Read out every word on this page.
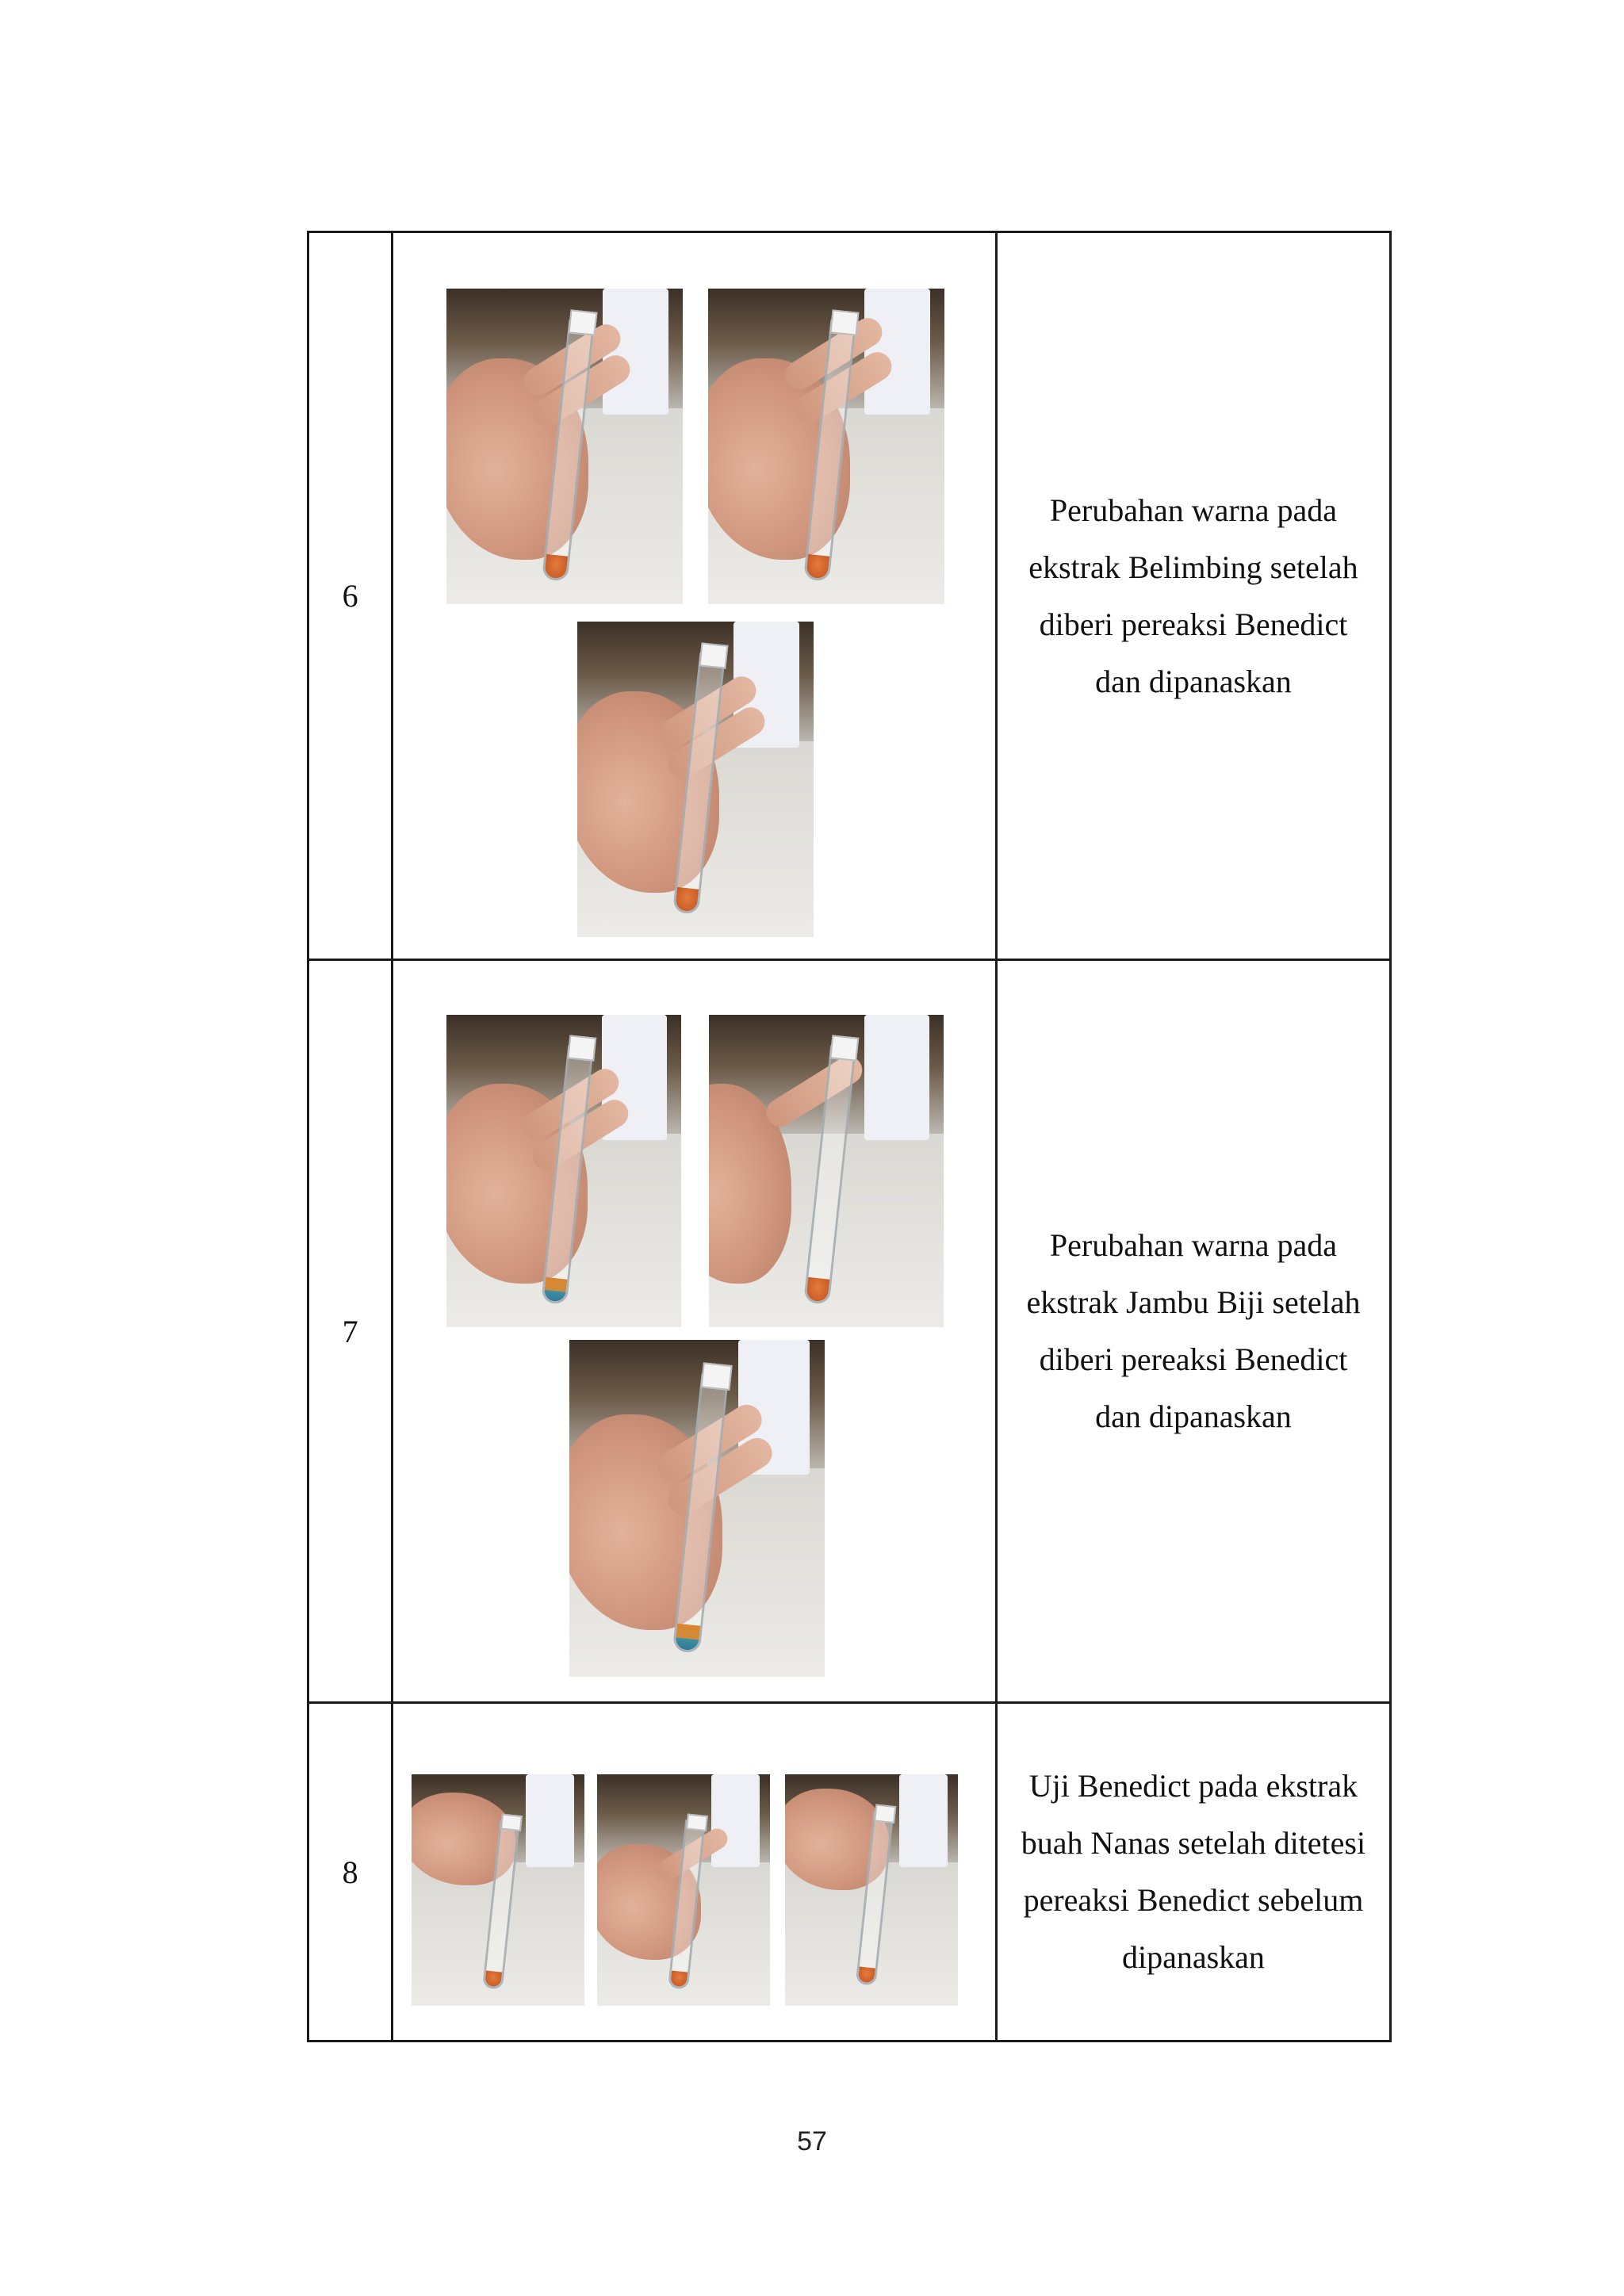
6		Perubahan warna pada

ekstrak Belimbing setelah

diberi pereaksi Benedict

dan dipanaskan

7		Perubahan warna pada

ekstrak Jambu Biji setelah

diberi pereaksi Benedict

dan dipanaskan

8		Uji Benedict pada ekstrak

buah Nanas setelah ditetesi

pereaksi Benedict sebelum

dipanaskan

57
